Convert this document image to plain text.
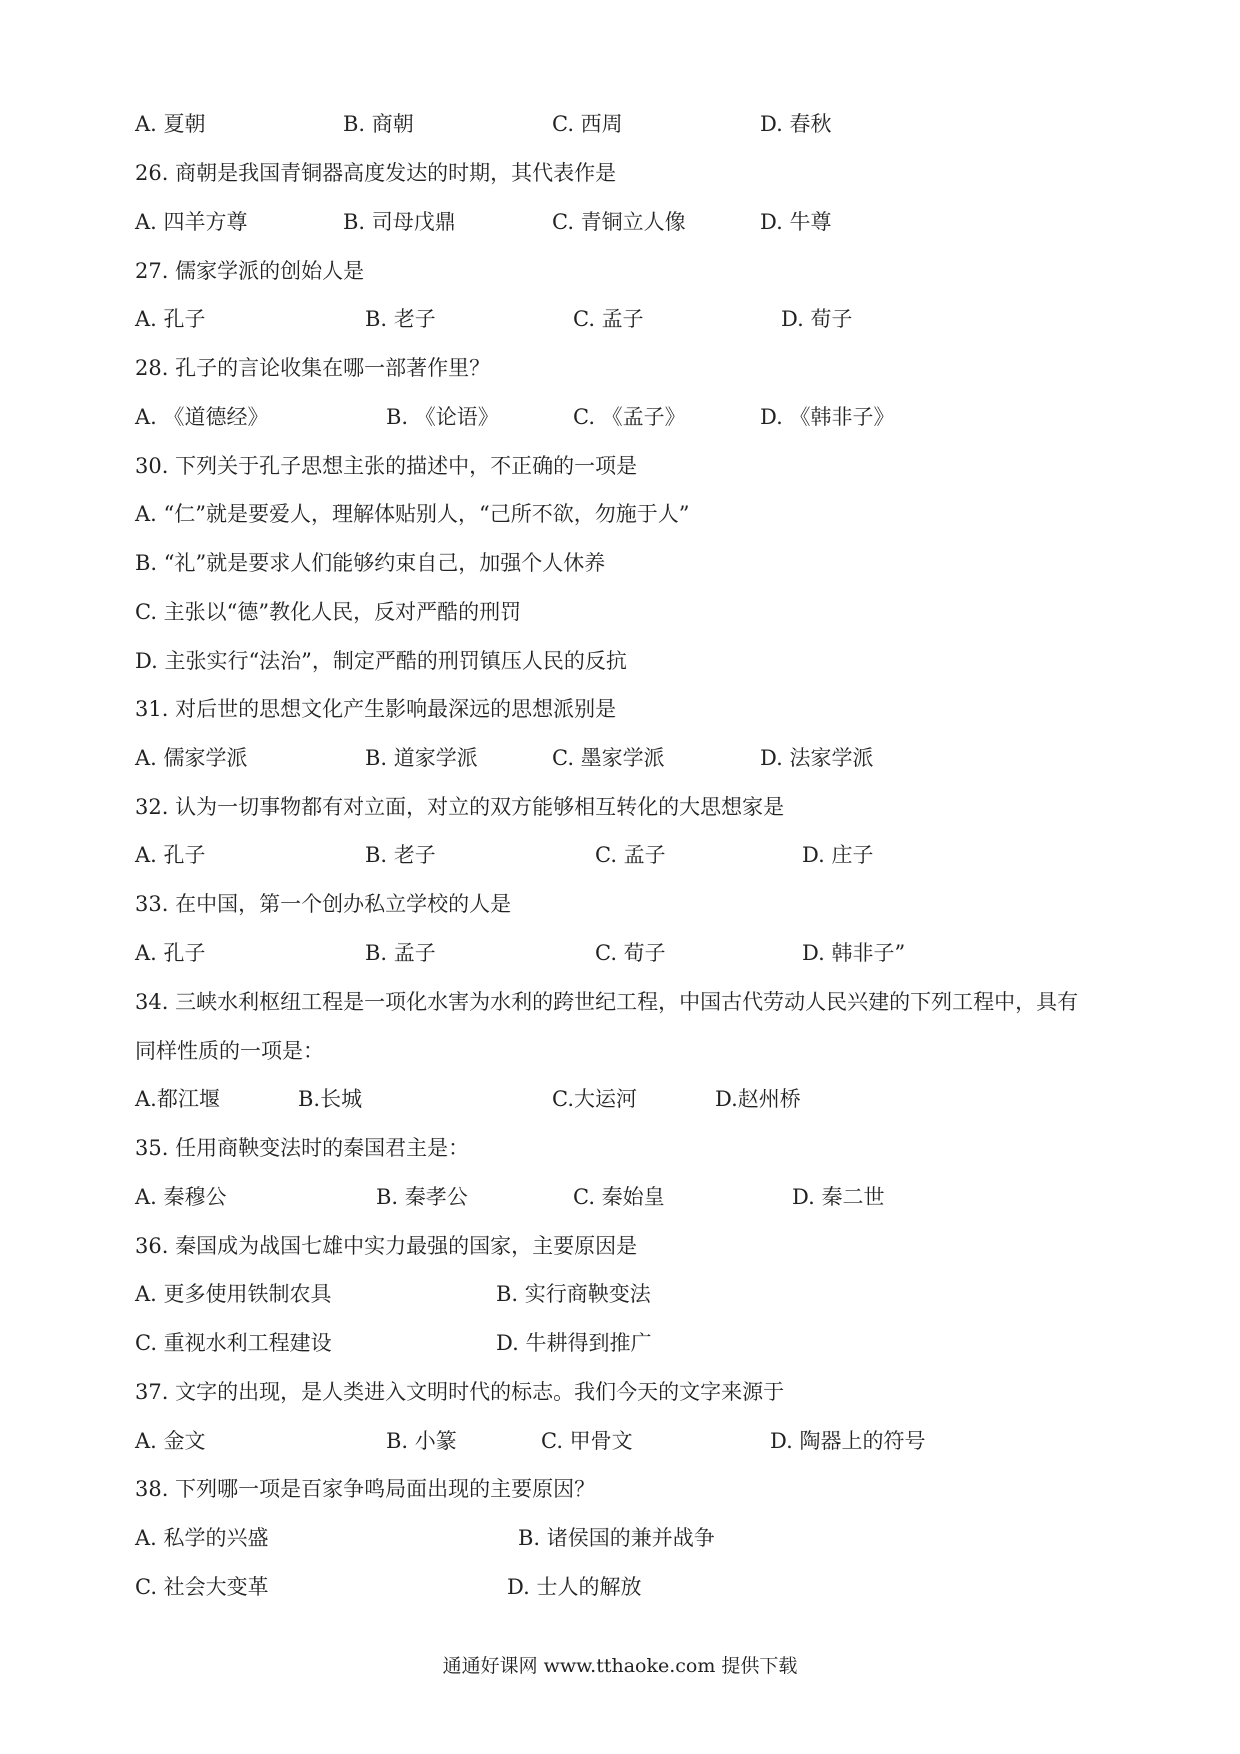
A. 夏朝	B. 商朝	C. 西周	D. 春秋
26. 商朝是我国青铜器高度发达的时期，其代表作是
A. 四羊方尊	B. 司母戊鼎	C. 青铜立人像	D. 牛尊
27. 儒家学派的创始人是
A. 孔子	B. 老子	C. 孟子	D. 荀子
28. 孔子的言论收集在哪一部著作里？
A. 《道德经》	B. 《论语》	C. 《孟子》	D. 《韩非子》
30. 下列关于孔子思想主张的描述中，不正确的一项是
A. “仁”就是要爱人，理解体贴别人，“己所不欲，勿施于人”
B. “礼”就是要求人们能够约束自己，加强个人休养
C. 主张以“德”教化人民，反对严酷的刑罚
D. 主张实行“法治”，制定严酷的刑罚镇压人民的反抗
31. 对后世的思想文化产生影响最深远的思想派别是
A. 儒家学派	B. 道家学派	C. 墨家学派	D. 法家学派
32. 认为一切事物都有对立面，对立的双方能够相互转化的大思想家是
A. 孔子	B. 老子	C. 孟子	D. 庄子
33. 在中国，第一个创办私立学校的人是
A. 孔子	B. 孟子	C. 荀子	D. 韩非子”
34. 三峡水利枢纽工程是一项化水害为水利的跨世纪工程，中国古代劳动人民兴建的下列工程中，具有
同样性质的一项是：
A.都江堰	B.长城	C.大运河	D.赵州桥
35. 任用商鞅变法时的秦国君主是：
A. 秦穆公	B. 秦孝公	C. 秦始皇	D. 秦二世
36. 秦国成为战国七雄中实力最强的国家，主要原因是
A. 更多使用铁制农具	B. 实行商鞅变法
C. 重视水利工程建设	D. 牛耕得到推广
37. 文字的出现，是人类进入文明时代的标志。我们今天的文字来源于
A. 金文	B. 小篆	C. 甲骨文	D. 陶器上的符号
38. 下列哪一项是百家争鸣局面出现的主要原因？
A. 私学的兴盛	B. 诸侯国的兼并战争
C. 社会大变革	D. 士人的解放
通通好课网 www.tthaoke.com 提供下载
